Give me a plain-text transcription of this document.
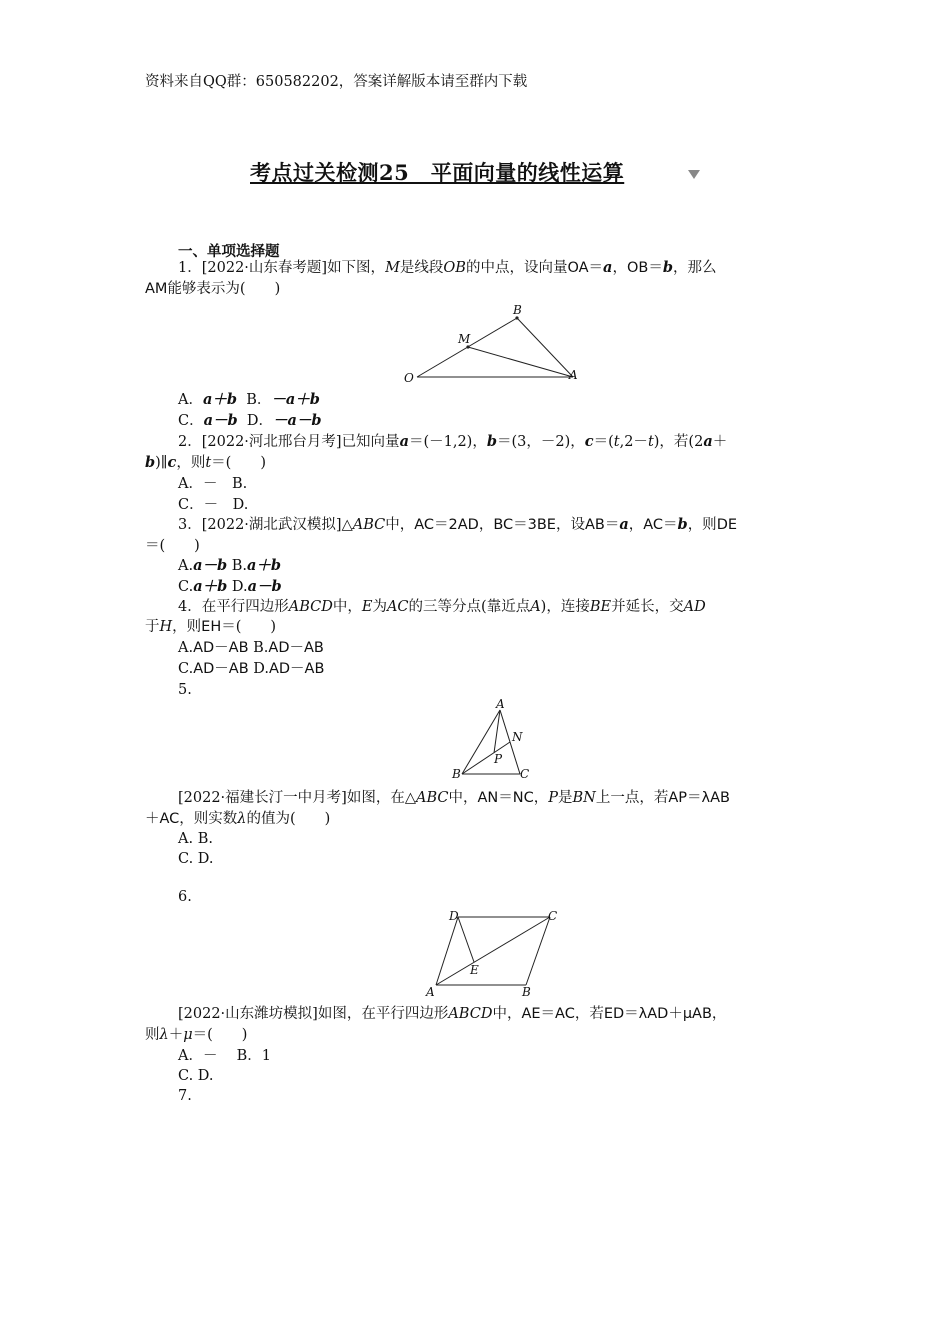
资料来自QQ群：650582202，答案详解版本请至群内下载
考点过关检测25　平面向量的线性运算
一、单项选择题
1．[2022·山东春考题]如下图，M是线段OB的中点，设向量OA＝a，OB＝b，那么
AM能够表示为(　　)
B
M
O	A
A．a＋b B．－a＋b
C．a－b D．－a－b
2．[2022·河北邢台月考]已知向量a＝(－1,2)，b＝(3，－2)，c＝(t,2－t)，若(2a＋
b)∥c，则t＝(　　)
A．－　B.
C．－　D.
3．[2022·湖北武汉模拟]△ABC中，AC＝2AD，BC＝3BE，设AB＝a，AC＝b，则DE
＝(　　)
A.a－b B.a＋b
C.a＋b D.a－b
4．在平行四边形ABCD中，E为AC的三等分点(靠近点A)，连接BE并延长，交AD
于H，则EH＝(　　)
A.AD－AB B.AD－AB
C.AD－AB D.AD－AB
5.
A
N
P
B	C
[2022·福建长汀一中月考]如图，在△ABC中，AN＝NC，P是BN上一点，若AP＝λAB
＋AC，则实数λ的值为(　　)
A. B.
C. D.
6.
D	C
E
A	B
[2022·山东潍坊模拟]如图，在平行四边形ABCD中，AE＝AC，若ED＝λAD＋μAB，
则λ＋μ＝(　　)
A．－　 B．1
C. D.
7.
